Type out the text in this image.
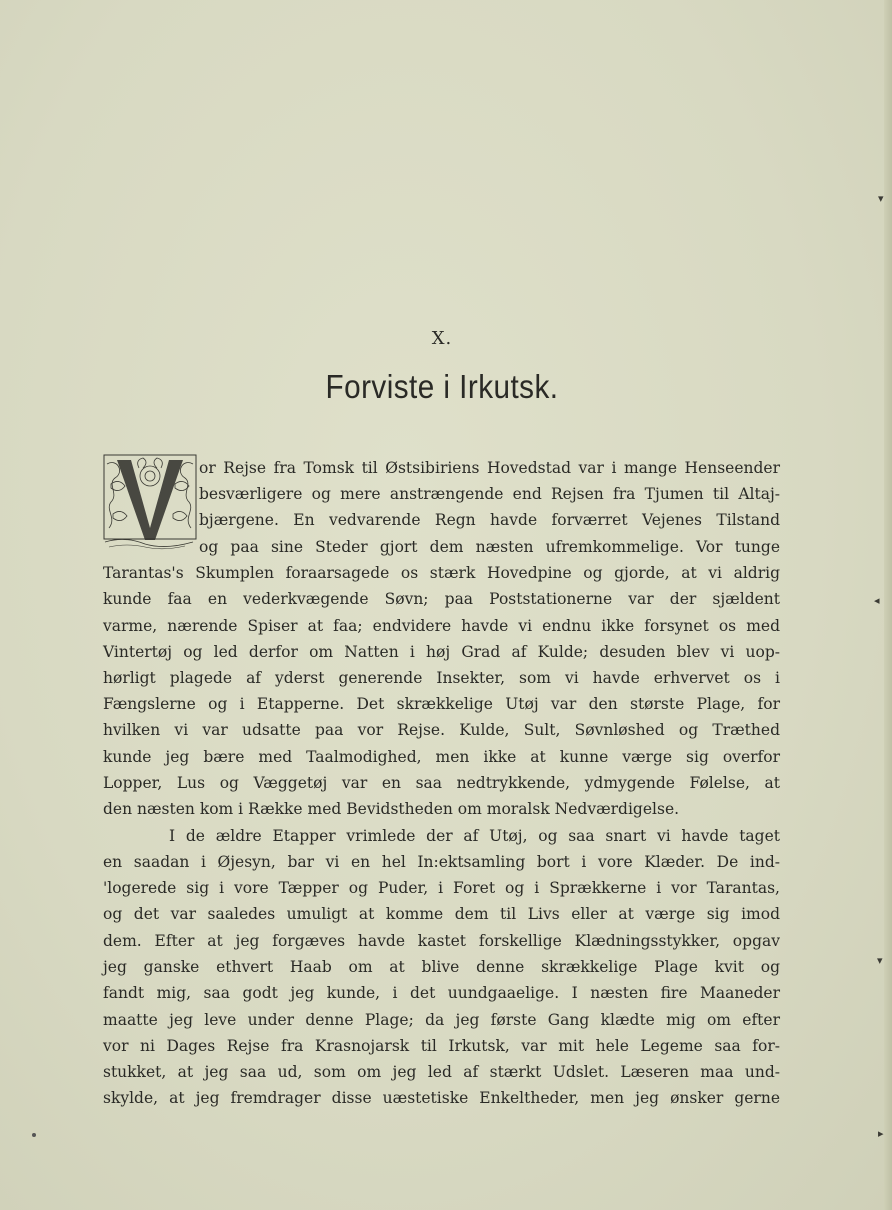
X.
Forviste i Irkutsk.
or Rejse fra Tomsk til Østsibiriens Hovedstad var i mange Henseender
besværligere og mere anstrængende end Rejsen fra Tjumen til Altaj-
bjærgene. En vedvarende Regn havde forværret Vejenes Tilstand
og paa sine Steder gjort dem næsten ufremkommelige. Vor tunge
Tarantas's Skumplen foraarsagede os stærk Hovedpine og gjorde, at vi aldrig
kunde faa en vederkvægende Søvn; paa Poststationerne var der sjældent
varme, nærende Spiser at faa; endvidere havde vi endnu ikke forsynet os med
Vintertøj og led derfor om Natten i høj Grad af Kulde; desuden blev vi uop-
hørligt plagede af yderst generende Insekter, som vi havde erhvervet os i
Fængslerne og i Etapperne. Det skrækkelige Utøj var den største Plage, for
hvilken vi var udsatte paa vor Rejse. Kulde, Sult, Søvnløshed og Træthed
kunde jeg bære med Taalmodighed, men ikke at kunne værge sig overfor
Lopper, Lus og Væggetøj var en saa nedtrykkende, ydmygende Følelse, at
den næsten kom i Række med Bevidstheden om moralsk Nedværdigelse.
I de ældre Etapper vrimlede der af Utøj, og saa snart vi havde taget
en saadan i Øjesyn, bar vi en hel In:ektsamling bort i vore Klæder. De ind-
'logerede sig i vore Tæpper og Puder, i Foret og i Sprækkerne i vor Tarantas,
og det var saaledes umuligt at komme dem til Livs eller at værge sig imod
dem. Efter at jeg forgæves havde kastet forskellige Klædningsstykker, opgav
jeg ganske ethvert Haab om at blive denne skrækkelige Plage kvit og
fandt mig, saa godt jeg kunde, i det uundgaaelige. I næsten fire Maaneder
maatte jeg leve under denne Plage; da jeg første Gang klædte mig om efter
vor ni Dages Rejse fra Krasnojarsk til Irkutsk, var mit hele Legeme saa for-
stukket, at jeg saa ud, som om jeg led af stærkt Udslet. Læseren maa und-
skylde, at jeg fremdrager disse uæstetiske Enkeltheder, men jeg ønsker gerne
▾
◂
▾
▸
